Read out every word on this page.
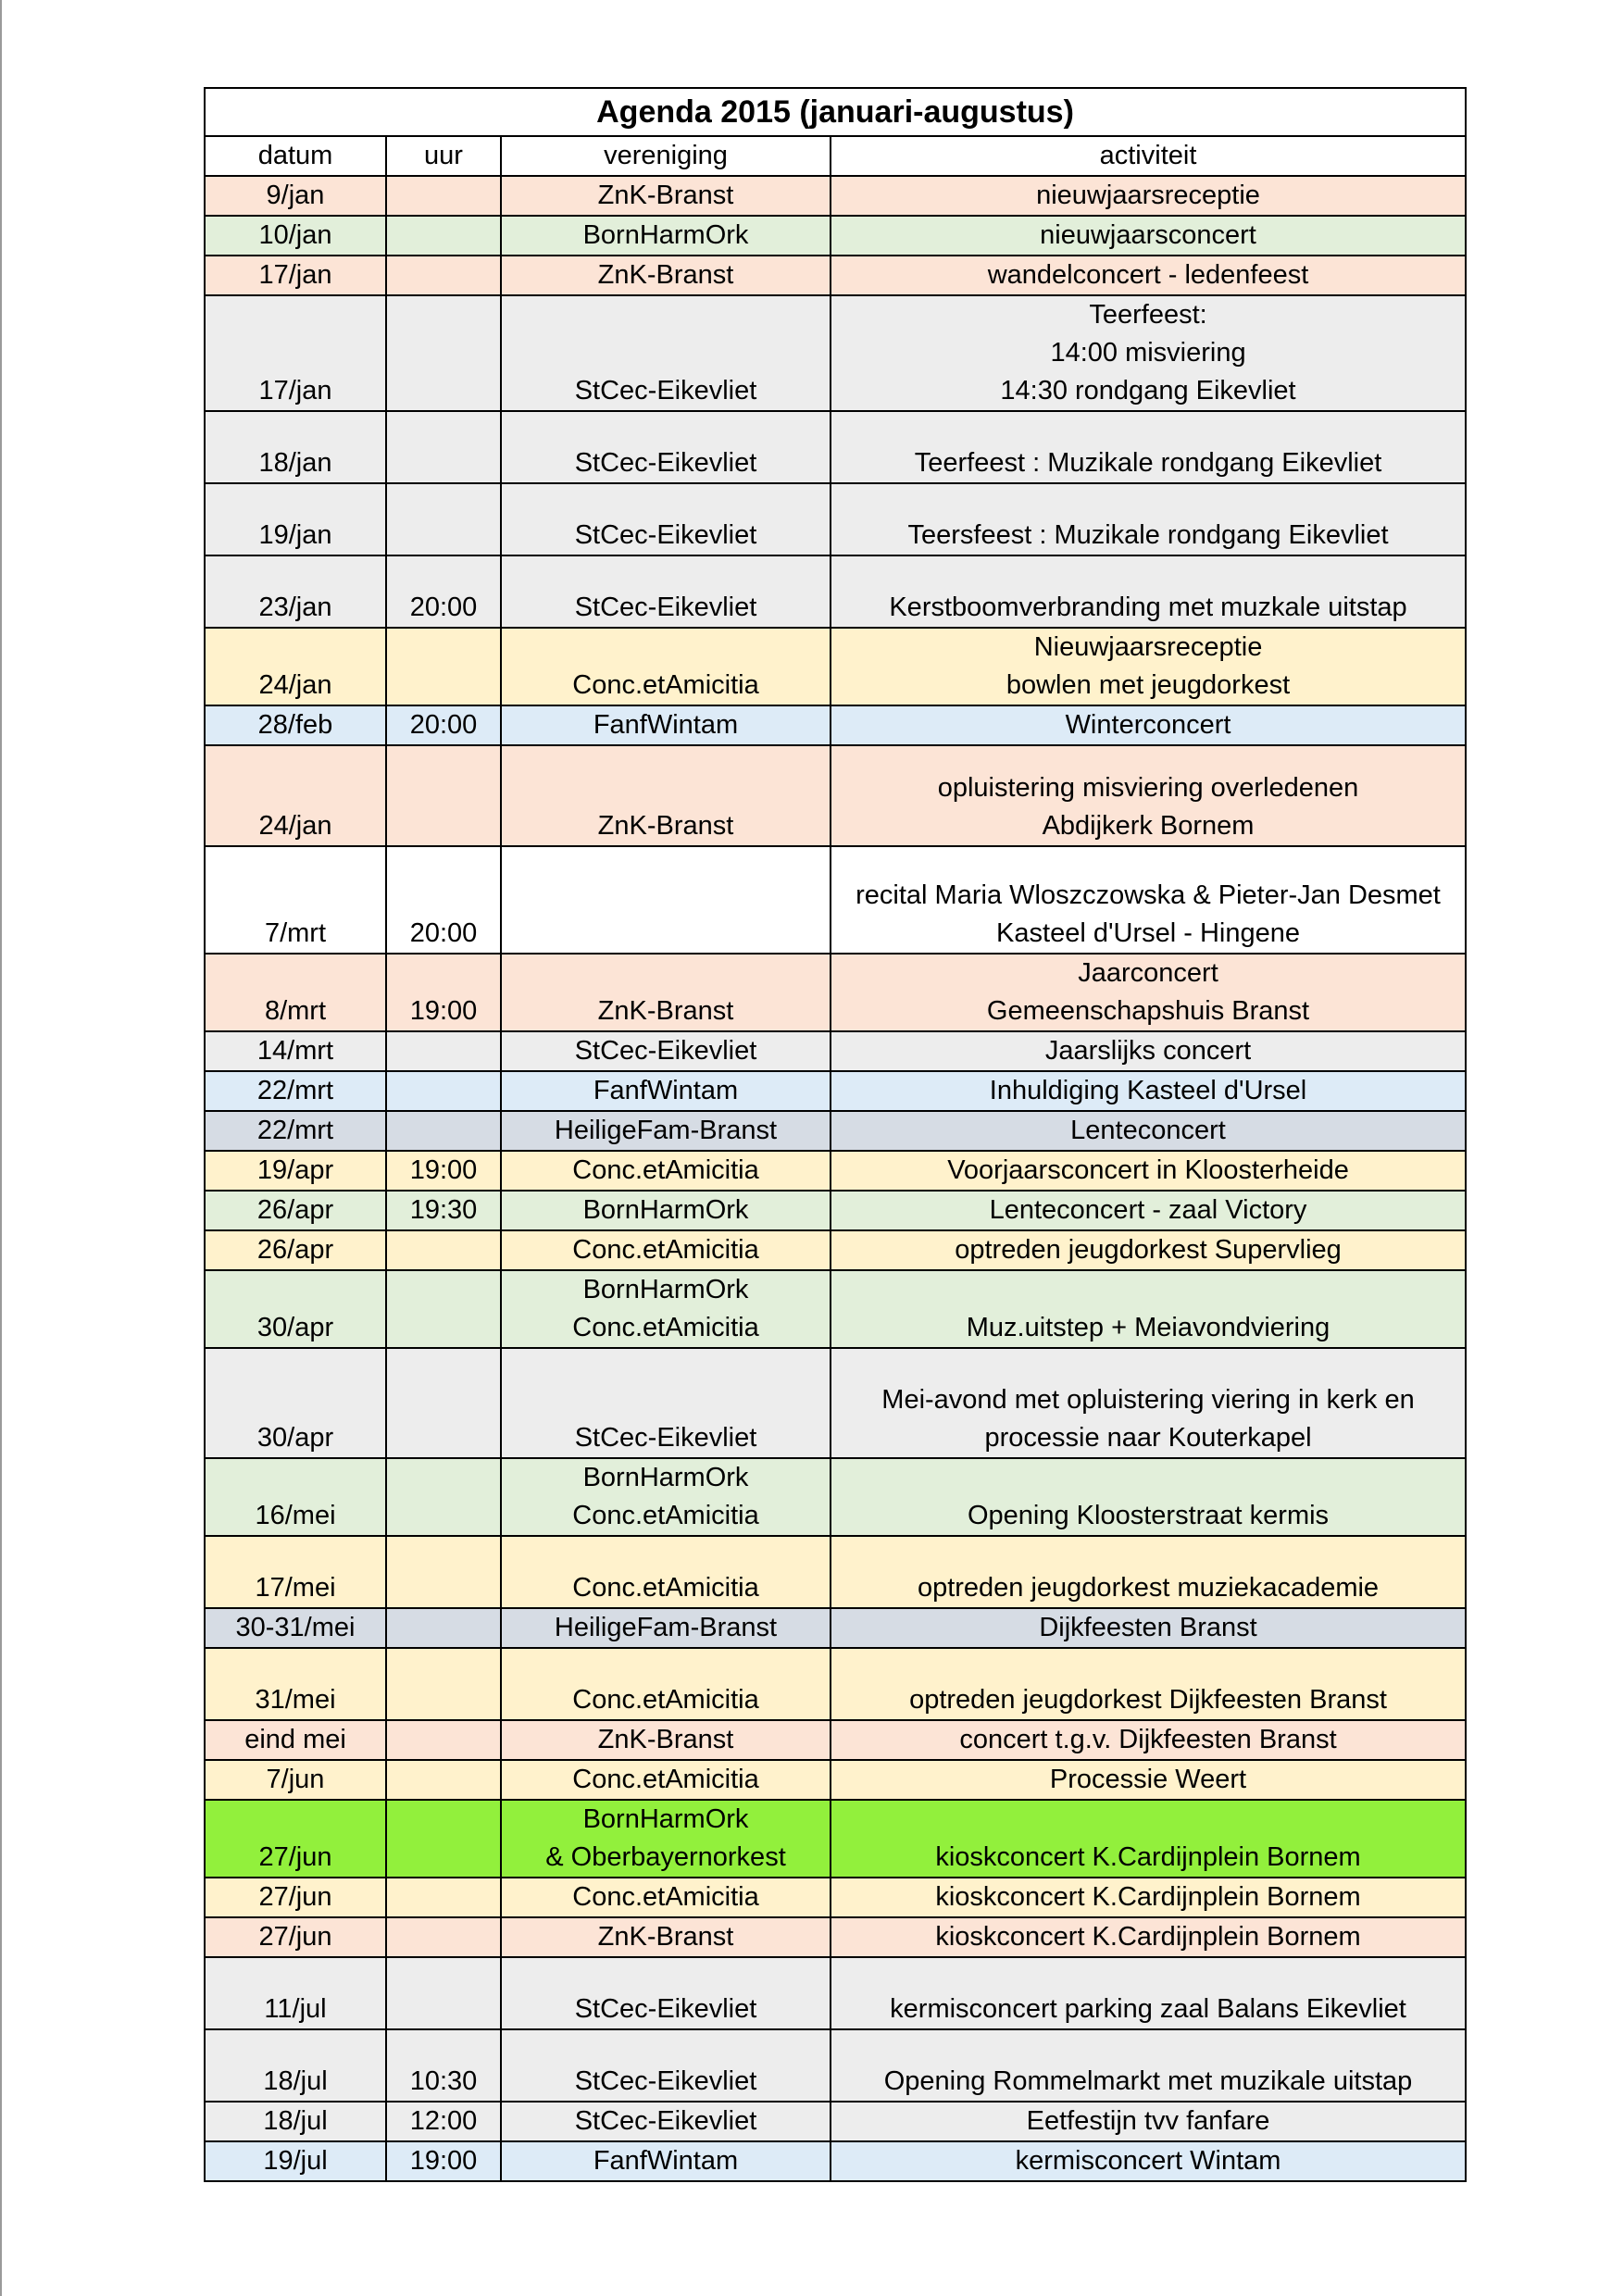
Agenda 2015 (januari-augustus)			
datum	uur	vereniging	activiteit
9/jan		ZnK-Branst	nieuwjaarsreceptie

10/jan		BornHarmOrk	nieuwjaarsconcert

17/jan		ZnK-Branst	wandelconcert - ledenfeest

17/jan		StCec-Eikevliet	Teerfeest:
14:00 misviering
14:30 rondgang Eikevliet

18/jan		StCec-Eikevliet	Teerfeest : Muzikale rondgang Eikevliet

19/jan		StCec-Eikevliet	Teersfeest : Muzikale rondgang Eikevliet

23/jan	20:00	StCec-Eikevliet	Kerstboomverbranding met muzkale uitstap

24/jan		Conc.etAmicitia	Nieuwjaarsreceptie
bowlen met jeugdorkest

28/feb	20:00	FanfWintam	Winterconcert

24/jan		ZnK-Branst	opluistering misviering overledenen
Abdijkerk Bornem

7/mrt	20:00		recital Maria Wloszczowska & Pieter-Jan Desmet
Kasteel d'Ursel - Hingene

8/mrt	19:00	ZnK-Branst	Jaarconcert
Gemeenschapshuis Branst

14/mrt		StCec-Eikevliet	Jaarslijks concert

22/mrt		FanfWintam	Inhuldiging Kasteel d'Ursel

22/mrt		HeiligeFam-Branst	Lenteconcert

19/apr	19:00	Conc.etAmicitia	Voorjaarsconcert in Kloosterheide

26/apr	19:30	BornHarmOrk	Lenteconcert - zaal Victory

26/apr		Conc.etAmicitia	optreden jeugdorkest Supervlieg

30/apr		BornHarmOrk
Conc.etAmicitia	Muz.uitstep + Meiavondviering

30/apr		StCec-Eikevliet	Mei-avond met opluistering viering in kerk en
processie naar Kouterkapel

16/mei		BornHarmOrk
Conc.etAmicitia	Opening Kloosterstraat kermis

17/mei		Conc.etAmicitia	optreden jeugdorkest muziekacademie

30-31/mei		HeiligeFam-Branst	Dijkfeesten Branst

31/mei		Conc.etAmicitia	optreden jeugdorkest Dijkfeesten Branst

eind mei		ZnK-Branst	concert t.g.v. Dijkfeesten Branst

7/jun		Conc.etAmicitia	Processie Weert

27/jun		BornHarmOrk
& Oberbayernorkest	kioskconcert K.Cardijnplein Bornem

27/jun		Conc.etAmicitia	kioskconcert K.Cardijnplein Bornem

27/jun		ZnK-Branst	kioskconcert K.Cardijnplein Bornem

11/jul		StCec-Eikevliet	kermisconcert parking zaal Balans Eikevliet

18/jul	10:30	StCec-Eikevliet	Opening Rommelmarkt met muzikale uitstap

18/jul	12:00	StCec-Eikevliet	Eetfestijn tvv fanfare

19/jul	19:00	FanfWintam	kermisconcert Wintam
